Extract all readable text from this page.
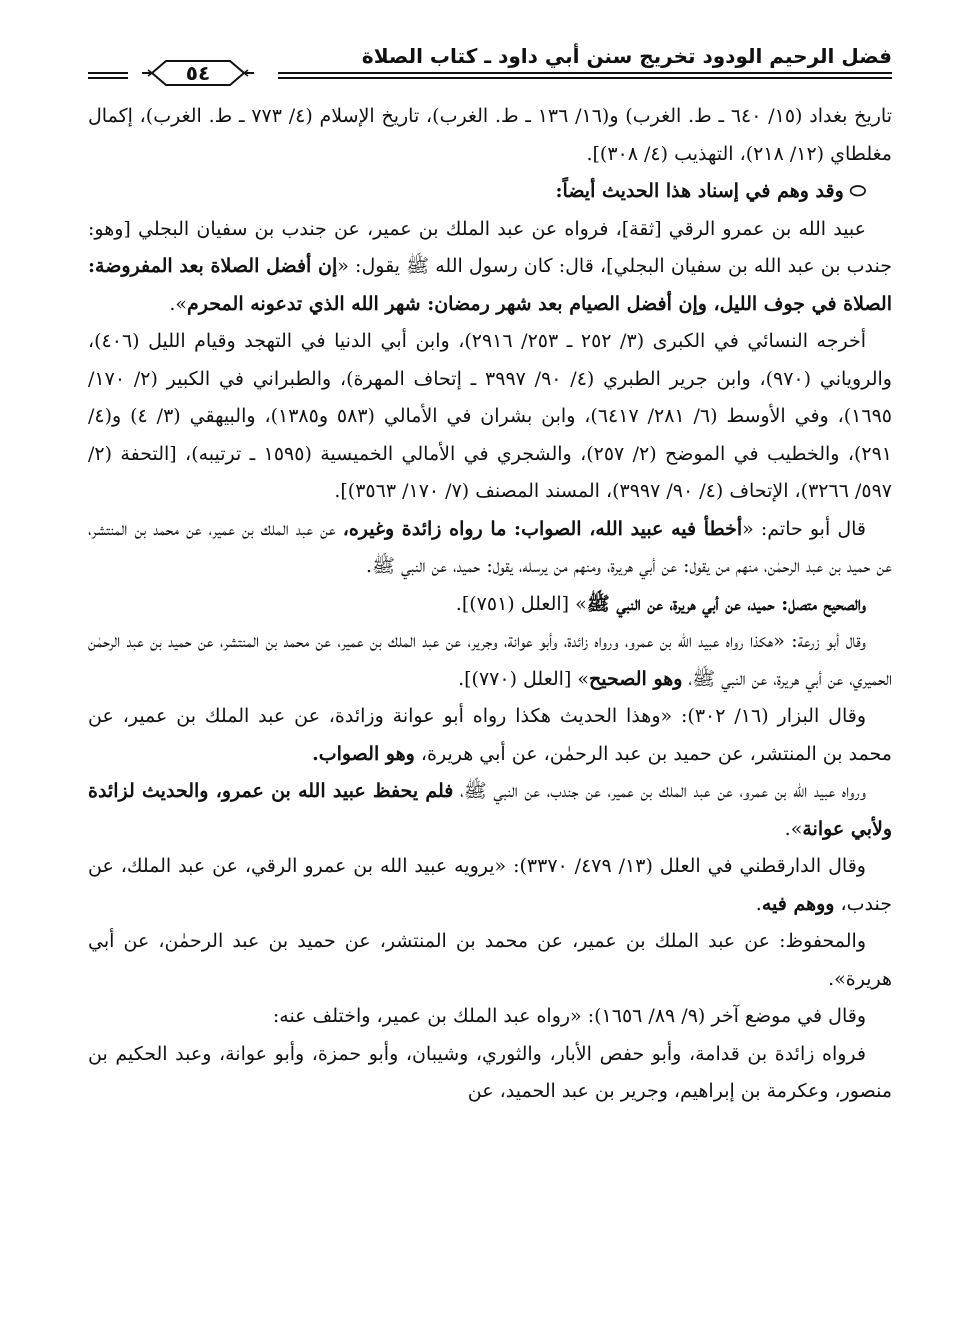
فضل الرحيم الودود تخريج سنن أبي داود ـ كتاب الصلاة
٥٤

تاريخ بغداد (١٥/ ٦٤٠ ـ ط. الغرب) و(١٦/ ١٣٦ ـ ط. الغرب)، تاريخ الإسلام (٤/ ٧٧٣ ـ ط. الغرب)، إكمال مغلطاي (١٢/ ٢١٨)، التهذيب (٤/ ٣٠٨)].

⬭وقد وهم في إسناد هذا الحديث أيضاً:

عبيد الله بن عمرو الرقي [ثقة]، فرواه عن عبد الملك بن عمير، عن جندب بن سفيان البجلي [وهو: جندب بن عبد الله بن سفيان البجلي]، قال: كان رسول الله ﷺ يقول: «إن أفضل الصلاة بعد المفروضة: الصلاة في جوف الليل، وإن أفضل الصيام بعد شهر رمضان: شهر الله الذي تدعونه المحرم».

أخرجه النسائي في الكبرى (٣/ ٢٥٢ ـ ٢٥٣/ ٢٩١٦)، وابن أبي الدنيا في التهجد وقيام الليل (٤٠٦)، والروياني (٩٧٠)، وابن جرير الطبري (٤/ ٩٠/ ٣٩٩٧ ـ إتحاف المهرة)، والطبراني في الكبير (٢/ ١٧٠/ ١٦٩٥)، وفي الأوسط (٦/ ٢٨١/ ٦٤١٧)، وابن بشران في الأمالي (٥٨٣ و١٣٨٥)، والبيهقي (٣/ ٤) و(٤/ ٢٩١)، والخطيب في الموضح (٢/ ٢٥٧)، والشجري في الأمالي الخميسية (١٥٩٥ ـ ترتيبه)، [التحفة (٢/ ٥٩٧/ ٣٢٦٦)، الإتحاف (٤/ ٩٠/ ٣٩٩٧)، المسند المصنف (٧/ ١٧٠/ ٣٥٦٣)].

قال أبو حاتم: «أخطأ فيه عبيد الله، الصواب: ما رواه زائدة وغيره، عن عبد الملك بن عمير، عن محمد بن المنتشر، عن حميد بن عبد الرحمٰن، منهم من يقول: عن أبي هريرة، ومنهم من يرسله، يقول: حميد، عن النبي ﷺ.

والصحيح متصل: حميد، عن أبي هريرة، عن النبي ﷺ» [العلل (٧٥١)].

وقال أبو زرعة: «هكذا رواه عبيد الله بن عمرو، ورواه زائدة، وأبو عوانة، وجرير، عن عبد الملك بن عمير، عن محمد بن المنتشر، عن حميد بن عبد الرحمٰن الحميري، عن أبي هريرة، عن النبي ﷺ، وهو الصحيح» [العلل (٧٧٠)].

وقال البزار (١٦/ ٣٠٢): «وهذا الحديث هكذا رواه أبو عوانة وزائدة، عن عبد الملك بن عمير، عن محمد بن المنتشر، عن حميد بن عبد الرحمٰن، عن أبي هريرة، وهو الصواب.

ورواه عبيد الله بن عمرو، عن عبد الملك بن عمير، عن جندب، عن النبي ﷺ، فلم يحفظ عبيد الله بن عمرو، والحديث لزائدة ولأبي عوانة».

وقال الدارقطني في العلل (١٣/ ٤٧٩/ ٣٣٧٠): «يرويه عبيد الله بن عمرو الرقي، عن عبد الملك، عن جندب، ووهم فيه.

والمحفوظ: عن عبد الملك بن عمير، عن محمد بن المنتشر، عن حميد بن عبد الرحمٰن، عن أبي هريرة».

وقال في موضع آخر (٩/ ٨٩/ ١٦٥٦): «رواه عبد الملك بن عمير، واختلف عنه:

فرواه زائدة بن قدامة، وأبو حفص الأبار، والثوري، وشيبان، وأبو حمزة، وأبو عوانة، وعبد الحكيم بن منصور، وعكرمة بن إبراهيم، وجرير بن عبد الحميد، عن
